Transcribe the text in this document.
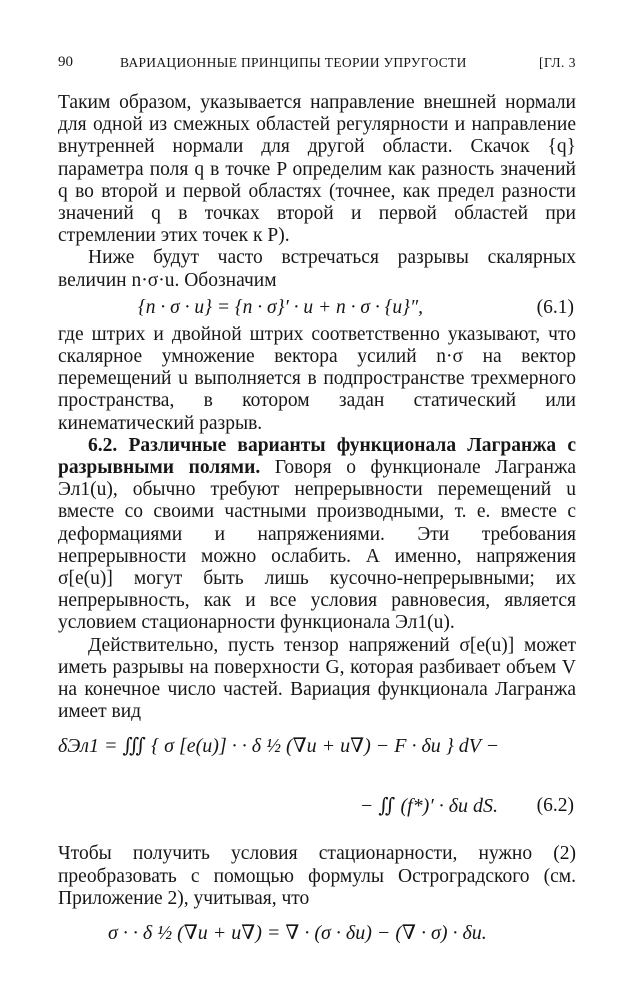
90	ВАРИАЦИОННЫЕ ПРИНЦИПЫ ТЕОРИИ УПРУГОСТИ	[ГЛ. 3

Таким образом, указывается направление внешней нормали для одной из смежных областей регулярности и направление внутренней нормали для другой области. Скачок {q} параметра поля q в точке P определим как разность значений q во второй и первой областях (точнее, как предел разности значений q в точках второй и первой областей при стремлении этих точек к P).

Ниже будут часто встречаться разрывы скалярных величин n·σ·u. Обозначим

{n · σ · u} = {n · σ}′ · u + n · σ · {u}″,	(6.1)

где штрих и двойной штрих соответственно указывают, что скалярное умножение вектора усилий n·σ на вектор перемещений u выполняется в подпространстве трехмерного пространства, в котором задан статический или кинематический разрыв.

6.2. Различные варианты функционала Лагранжа с разрывными полями. Говоря о функционале Лагранжа Эл1(u), обычно требуют непрерывности перемещений u вместе со своими частными производными, т. е. вместе с деформациями и напряжениями. Эти требования непрерывности можно ослабить. А именно, напряжения σ[e(u)] могут быть лишь кусочно-непрерывными; их непрерывность, как и все условия равновесия, является условием стационарности функционала Эл1(u).

Действительно, пусть тензор напряжений σ[e(u)] может иметь разрывы на поверхности G, которая разбивает объем V на конечное число частей. Вариация функционала Лагранжа имеет вид

δЭл1 = ∭ { σ [e(u)] · · δ ½ (∇u + u∇) − F · δu } dV −
− ∬ (f*)′ · δu dS. (6.2)

Чтобы получить условия стационарности, нужно (2) преобразовать с помощью формулы Остроградского (см. Приложение 2), учитывая, что

σ · · δ ½ (∇u + u∇) = ∇ · (σ · δu) − (∇ · σ) · δu.
